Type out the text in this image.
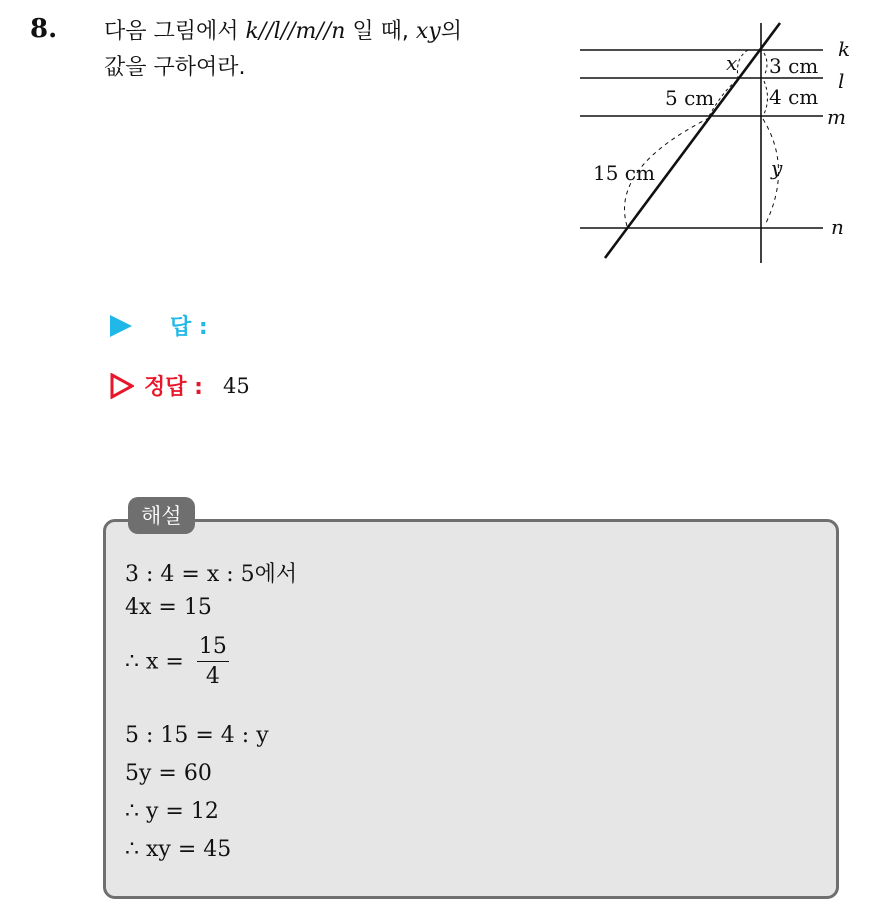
8. 다음 그림에서 k//l//m//n 일 때, xy의
값을 구하여라.
k
l
m
n
x 3 cm
5 cm	4 cm
15 cm	y
답 :
정답 : 45
해설
3 : 4 = x : 5에서
4x = 15
∴ $x = \frac{15}{4}$
5 : 15 = 4 : y
5y = 60
∴ y = 12
∴ xy = 45
